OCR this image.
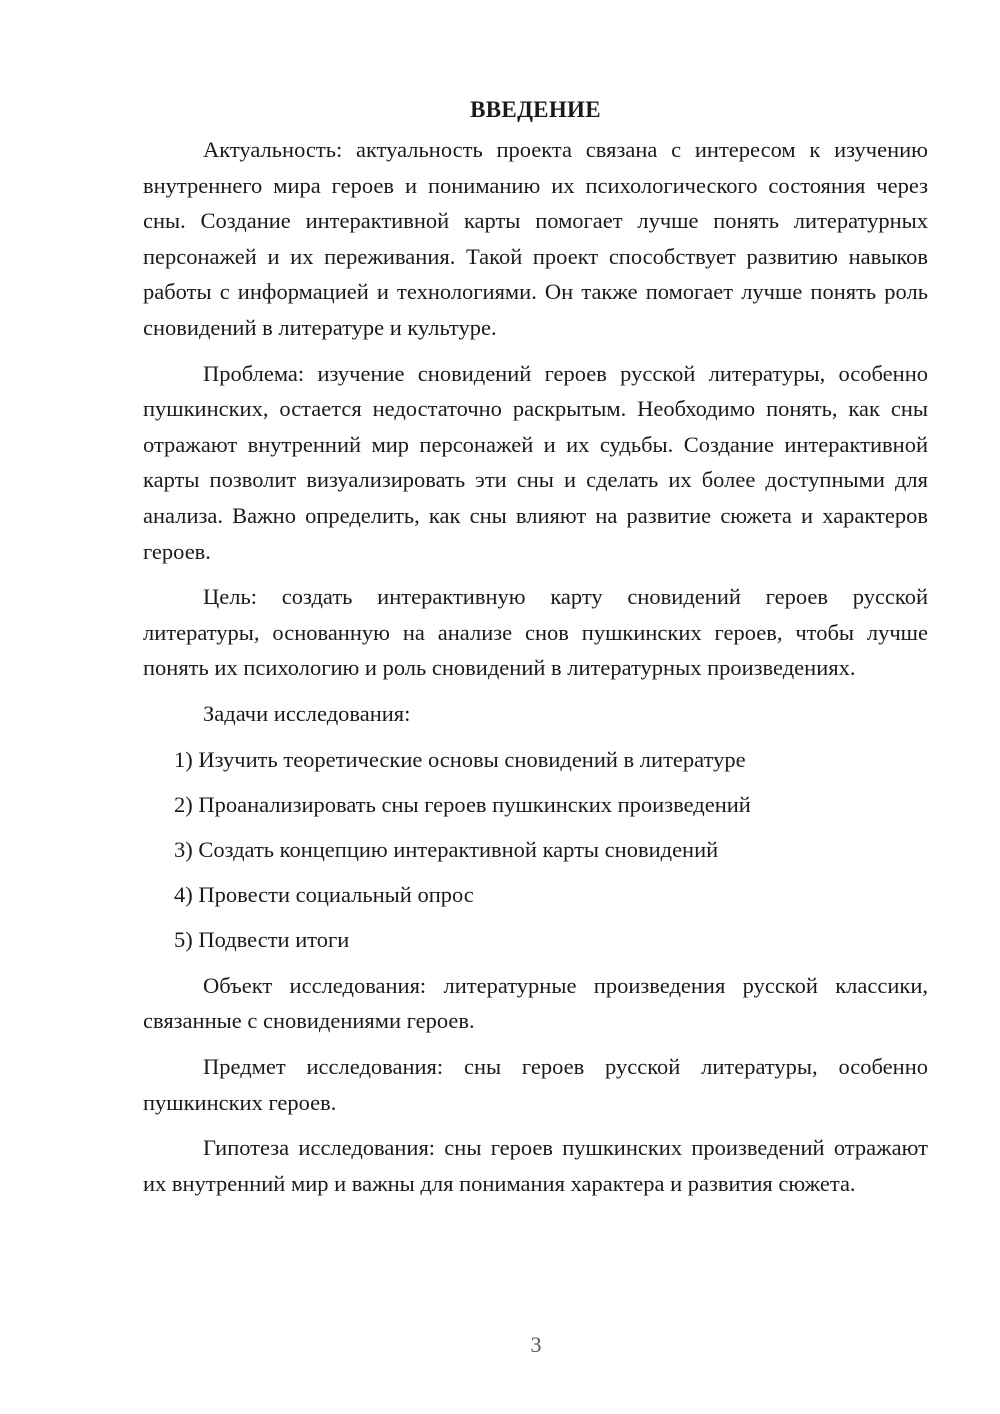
ВВЕДЕНИЕ

Актуальность: актуальность проекта связана с интересом к изучению внутреннего мира героев и пониманию их психологического состояния через сны. Создание интерактивной карты помогает лучше понять литературных персонажей и их переживания. Такой проект способствует развитию навыков работы с информацией и технологиями. Он также помогает лучше понять роль сновидений в литературе и культуре.

Проблема: изучение сновидений героев русской литературы, особенно пушкинских, остается недостаточно раскрытым. Необходимо понять, как сны отражают внутренний мир персонажей и их судьбы. Создание интерактивной карты позволит визуализировать эти сны и сделать их более доступными для анализа. Важно определить, как сны влияют на развитие сюжета и характеров героев.

Цель: создать интерактивную карту сновидений героев русской литературы, основанную на анализе снов пушкинских героев, чтобы лучше понять их психологию и роль сновидений в литературных произведениях.

Задачи исследования:

1) Изучить теоретические основы сновидений в литературе
2) Проанализировать сны героев пушкинских произведений
3) Создать концепцию интерактивной карты сновидений
4) Провести социальный опрос
5) Подвести итоги

Объект исследования: литературные произведения русской классики, связанные с сновидениями героев.

Предмет исследования: сны героев русской литературы, особенно пушкинских героев.

Гипотеза исследования: сны героев пушкинских произведений отражают их внутренний мир и важны для понимания характера и развития сюжета.

3
